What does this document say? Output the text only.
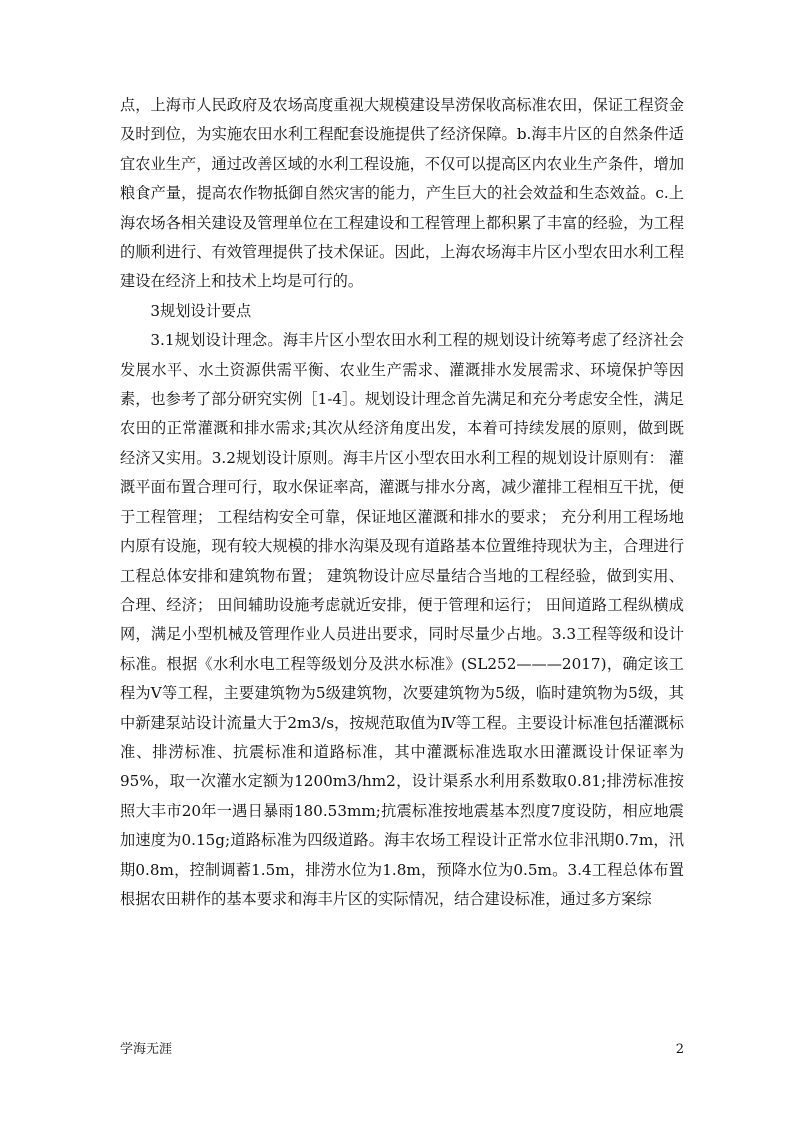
点，上海市人民政府及农场高度重视大规模建设旱涝保收高标准农田，保证工程资金及时到位，为实施农田水利工程配套设施提供了经济保障。b.海丰片区的自然条件适宜农业生产，通过改善区域的水利工程设施，不仅可以提高区内农业生产条件，增加粮食产量，提高农作物抵御自然灾害的能力，产生巨大的社会效益和生态效益。c.上海农场各相关建设及管理单位在工程建设和工程管理上都积累了丰富的经验，为工程的顺利进行、有效管理提供了技术保证。因此，上海农场海丰片区小型农田水利工程建设在经济上和技术上均是可行的。

3规划设计要点

3.1规划设计理念。海丰片区小型农田水利工程的规划设计统筹考虑了经济社会发展水平、水土资源供需平衡、农业生产需求、灌溉排水发展需求、环境保护等因素，也参考了部分研究实例［1-4］。规划设计理念首先满足和充分考虑安全性，满足农田的正常灌溉和排水需求;其次从经济角度出发，本着可持续发展的原则，做到既经济又实用。3.2规划设计原则。海丰片区小型农田水利工程的规划设计原则有： 灌溉平面布置合理可行，取水保证率高，灌溉与排水分离，减少灌排工程相互干扰，便于工程管理； 工程结构安全可靠，保证地区灌溉和排水的要求； 充分利用工程场地内原有设施，现有较大规模的排水沟渠及现有道路基本位置维持现状为主，合理进行工程总体安排和建筑物布置； 建筑物设计应尽量结合当地的工程经验，做到实用、合理、经济； 田间辅助设施考虑就近安排，便于管理和运行； 田间道路工程纵横成网，满足小型机械及管理作业人员进出要求，同时尽量少占地。3.3工程等级和设计标准。根据《水利水电工程等级划分及洪水标准》(SL252———2017)，确定该工程为Ⅴ等工程，主要建筑物为5级建筑物，次要建筑物为5级，临时建筑物为5级，其中新建泵站设计流量大于2m3/s，按规范取值为Ⅳ等工程。主要设计标准包括灌溉标准、排涝标准、抗震标准和道路标准，其中灌溉标准选取水田灌溉设计保证率为95%，取一次灌水定额为1200m3/hm2，设计渠系水利用系数取0.81;排涝标准按照大丰市20年一遇日暴雨180.53mm;抗震标准按地震基本烈度7度设防，相应地震加速度为0.15g;道路标准为四级道路。海丰农场工程设计正常水位非汛期0.7m，汛期0.8m，控制调蓄1.5m，排涝水位为1.8m，预降水位为0.5m。3.4工程总体布置根据农田耕作的基本要求和海丰片区的实际情况，结合建设标准，通过多方案综

学海无涯	2
